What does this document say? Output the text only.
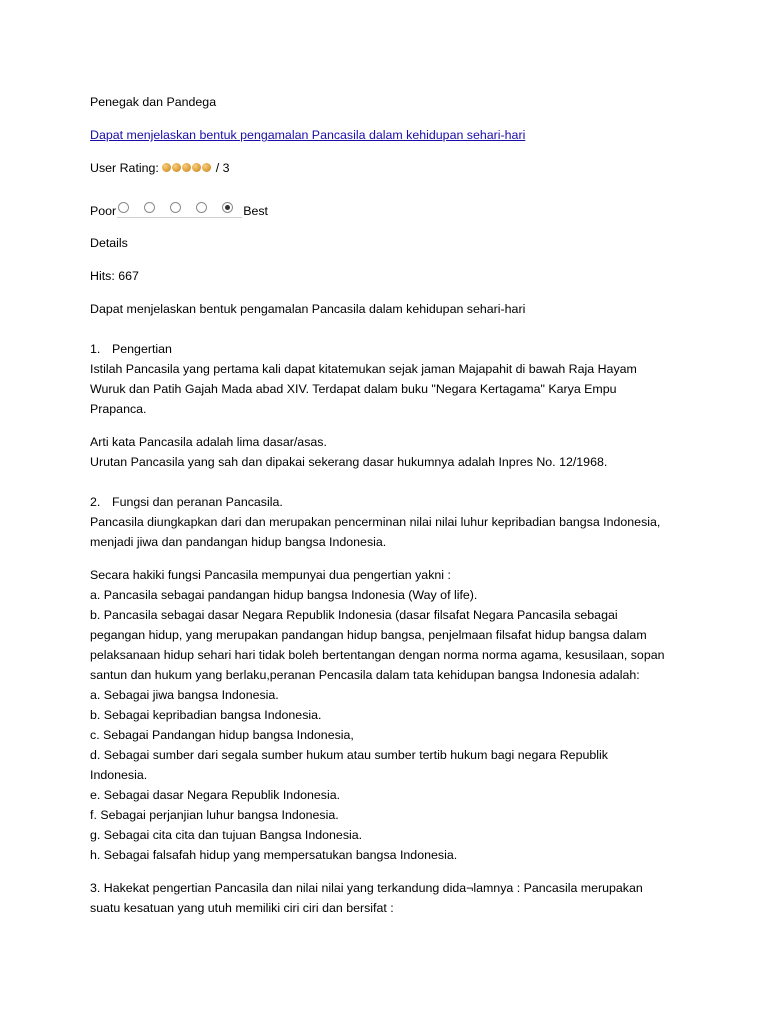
Penegak dan Pandega
Dapat menjelaskan bentuk pengamalan Pancasila dalam kehidupan sehari-hari
User Rating:	/ 3
Poor	Best
Details
Hits: 667
Dapat menjelaskan bentuk pengamalan Pancasila dalam kehidupan sehari-hari
1. Pengertian
Istilah Pancasila yang pertama kali dapat kitatemukan sejak jaman Majapahit di bawah Raja Hayam
Wuruk dan Patih Gajah Mada abad XIV. Terdapat dalam buku "Negara Kertagama" Karya Empu
Prapanca.
Arti kata Pancasila adalah lima dasar/asas.
Urutan Pancasila yang sah dan dipakai sekerang dasar hukumnya adalah Inpres No. 12/1968.
2. Fungsi dan peranan Pancasila.
Pancasila diungkapkan dari dan merupakan pencerminan nilai nilai luhur kepribadian bangsa Indonesia,
menjadi jiwa dan pandangan hidup bangsa Indonesia.
Secara hakiki fungsi Pancasila mempunyai dua pengertian yakni :
a. Pancasila sebagai pandangan hidup bangsa Indonesia (Way of life).
b. Pancasila sebagai dasar Negara Republik Indonesia (dasar filsafat Negara Pancasila sebagai
pegangan hidup, yang merupakan pandangan hidup bangsa, penjelmaan filsafat hidup bangsa dalam
pelaksanaan hidup sehari hari tidak boleh bertentangan dengan norma norma agama, kesusilaan, sopan
santun dan hukum yang berlaku,peranan Pencasila dalam tata kehidupan bangsa Indonesia adalah:
a. Sebagai jiwa bangsa Indonesia.
b. Sebagai kepribadian bangsa Indonesia.
c. Sebagai Pandangan hidup bangsa Indonesia,
d. Sebagai sumber dari segala sumber hukum atau sumber tertib hukum bagi negara Republik
Indonesia.
e. Sebagai dasar Negara Republik Indonesia.
f. Sebagai perjanjian luhur bangsa Indonesia.
g. Sebagai cita cita dan tujuan Bangsa Indonesia.
h. Sebagai falsafah hidup yang mempersatukan bangsa Indonesia.
3. Hakekat pengertian Pancasila dan nilai nilai yang terkandung dida¬lamnya : Pancasila merupakan
suatu kesatuan yang utuh memiliki ciri ciri dan bersifat :
